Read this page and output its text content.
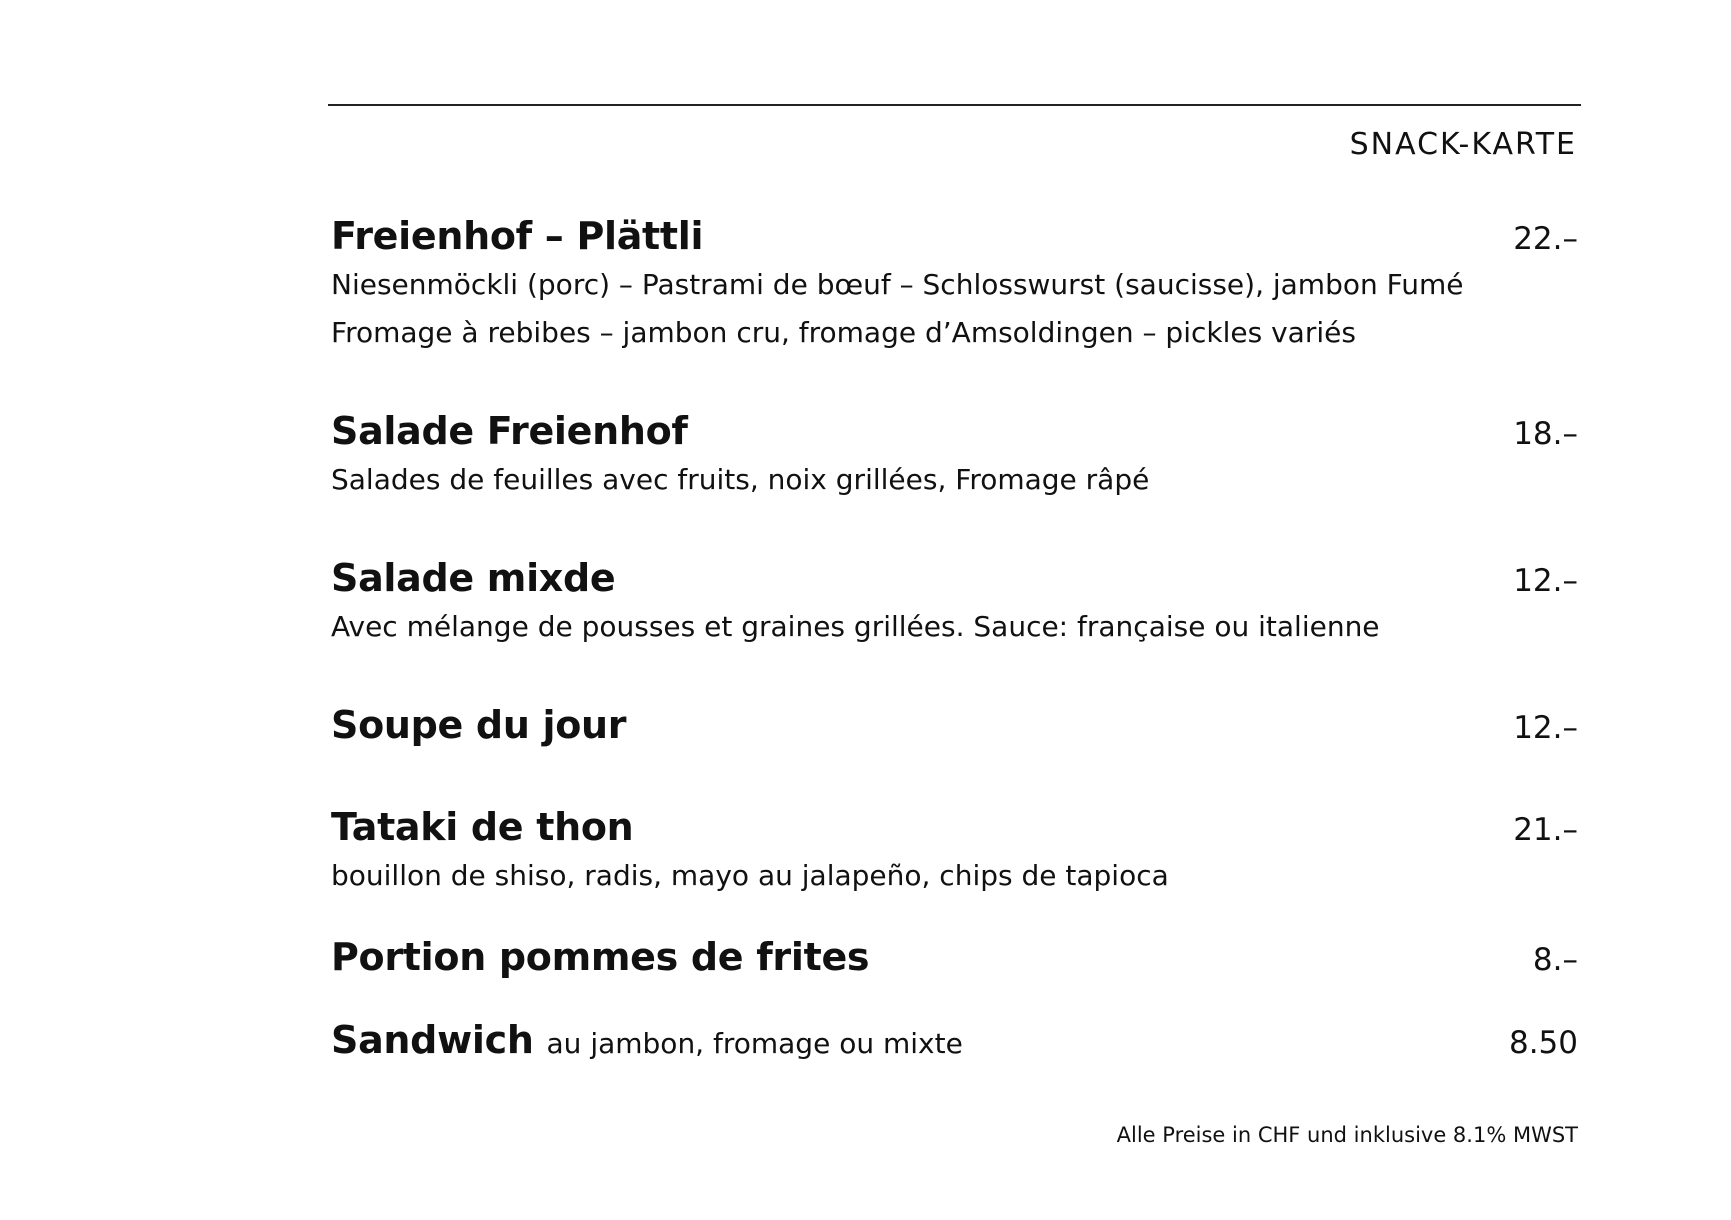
SNACK-KARTE
Freienhof – Plättli	22.–
Niesenmöckli (porc) – Pastrami de bœuf – Schlosswurst (saucisse), jambon Fumé
Fromage à rebibes – jambon cru, fromage d’Amsoldingen – pickles variés
Salade Freienhof	18.–
Salades de feuilles avec fruits, noix grillées, Fromage râpé
Salade mixde	12.–
Avec mélange de pousses et graines grillées. Sauce: française ou italienne
Soupe du jour	12.–
Tataki de thon	21.–
bouillon de shiso, radis, mayo au jalapeño, chips de tapioca
Portion pommes de frites	8.–
Sandwich au jambon, fromage ou mixte	8.50
Alle Preise in CHF und inklusive 8.1% MWST
